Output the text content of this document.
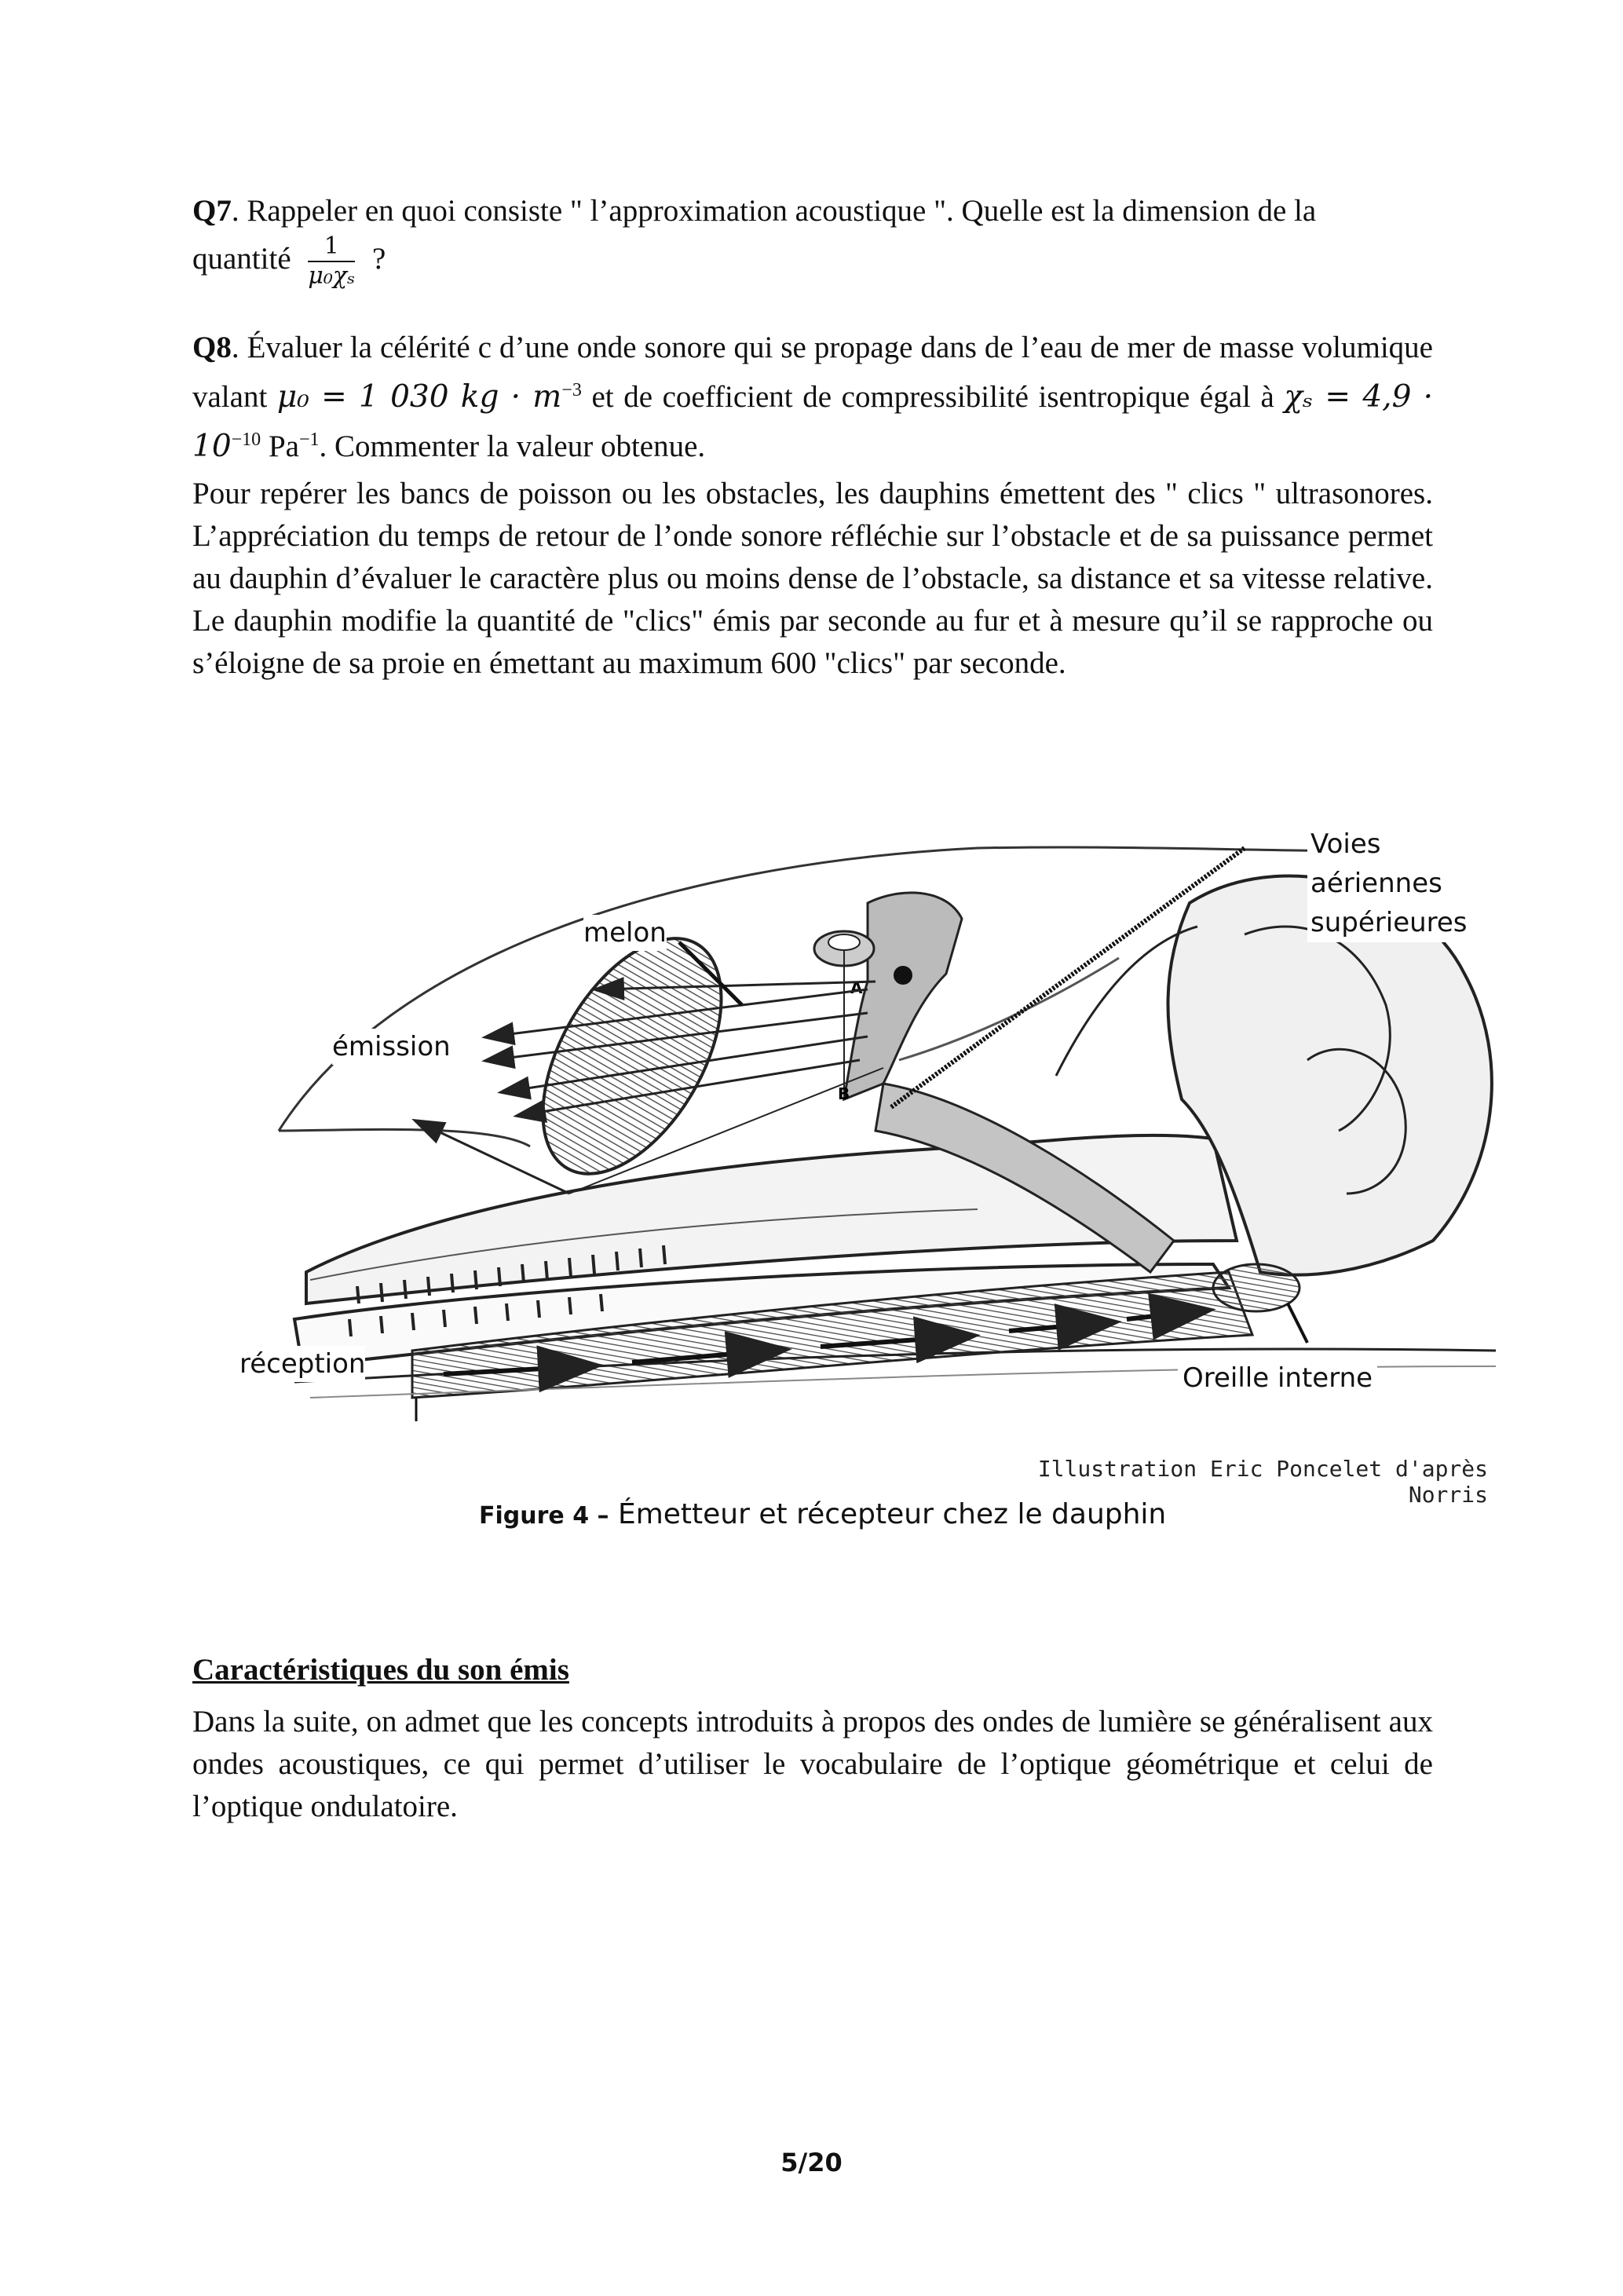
Q7. Rappeler en quoi consiste " l’approximation acoustique ". Quelle est la dimension de la
quantité $\frac{1}{\text{μ₀χₛ}}$ ?
Q8. Évaluer la célérité c d’une onde sonore qui se propage dans de l’eau de mer de masse volumique valant μ₀ = 1 030 kg · $m^{-3}$ et de coefficient de compressibilité isentropique égal à $\chi_s = 4,9 \cdot 10^{-10}$ $Pa^{-1}$. Commenter la valeur obtenue.
Pour repérer les bancs de poisson ou les obstacles, les dauphins émettent des " clics " ultrasonores. L’appréciation du temps de retour de l’onde sonore réfléchie sur l’obstacle et de sa puissance permet au dauphin d’évaluer le caractère plus ou moins dense de l’obstacle, sa distance et sa vitesse relative. Le dauphin modifie la quantité de "clics" émis par seconde au fur et à mesure qu’il se rapproche ou s’éloigne de sa proie en émettant au maximum 600 "clics" par seconde.
A
B
Voies
aériennes
supérieures
melon
émission
réception	Oreille interne
Illustration Eric Poncelet d'après Norris
Figure 4 – Émetteur et récepteur chez le dauphin
Caractéristiques du son émis
Dans la suite, on admet que les concepts introduits à propos des ondes de lumière se généralisent aux ondes acoustiques, ce qui permet d’utiliser le vocabulaire de l’optique géométrique et celui de l’optique ondulatoire.
5/20
